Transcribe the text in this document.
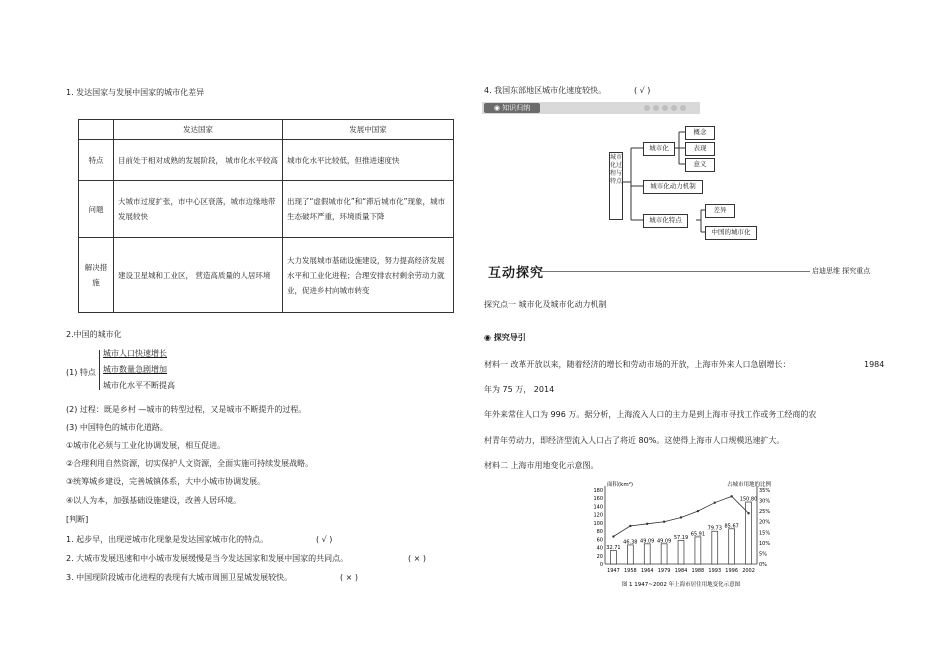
1. 发达国家与发展中国家的城市化差异
	发达国家	发展中国家
特点	目前处于相对成熟的发展阶段， 城市化水平较高	城市化水平比较低，但推进速度快
问题	大城市过度扩张，市中心区衰落，城市边缘地带发展较快	出现了“虚假城市化”和“滞后城市化”现象，城市生态破坏严重，环境质量下降
解决措施	建设卫星城和工业区， 营造高质量的人居环境	大力发展城市基础设施建设，努力提高经济发展水平和工业化进程；合理安排农村剩余劳动力就业，促进乡村向城市转变
2.中国的城市化
(1) 特点
城市人口快速增长
城市数量急剧增加
城市化水平不断提高
(2) 过程：既是乡村 —城市的转型过程，又是城市不断提升的过程。
(3) 中国特色的城市化道路。
①城市化必须与工业化协调发展，相互促进。
②合理利用自然资源，切实保护人文资源，全面实施可持续发展战略。
③统筹城乡建设，完善城镇体系，大中小城市协调发展。
④以人为本，加强基础设施建设，改善人居环境。
[判断]
1. 起步早，出现逆城市化现象是发达国家城市化的特点。	( √ )
2. 大城市发展迅速和中小城市发展缓慢是当今发达国家和发展中国家的共同点。	( × )
3. 中国现阶段城市化进程的表现有大城市周围卫星城发展较快。	( × )
4. 我国东部地区城市化速度较快。	( √ )
◉ 知识归纳
城市化过程与特点
城市化
概念
表现
意义
城市化动力机制
城市化特点
差异
中国的城市化
互动探究	启迪思维 探究重点
探究点一 城市化及城市化动力机制
◉ 探究导引
材料一 改革开放以来，随着经济的增长和劳动市场的开放，上海市外来人口急剧增长：	1984
年为 75 万， 2014
年外来常住人口为 996 万。据分析，上海流入人口的主力是到上海市寻找工作或务工经商的农
村青年劳动力，即经济型流入人口占了将近 80%。这使得上海市人口规模迅速扩大。
材料二 上海市用地变化示意图。
0
20
40
60
80
100
120
140
160
180
0%
5%
10%
15%
20%
25%
30%
35%
面积(km²)	占城市用地的比例
32.71
1947
46.38
1958
49.09
1964
49.09
1979
57.19
1984
65.91
1988
79.73
1993
85.67
1996
150.80
2002
图 1 1947~2002 年上海市居住用地变化示意图
